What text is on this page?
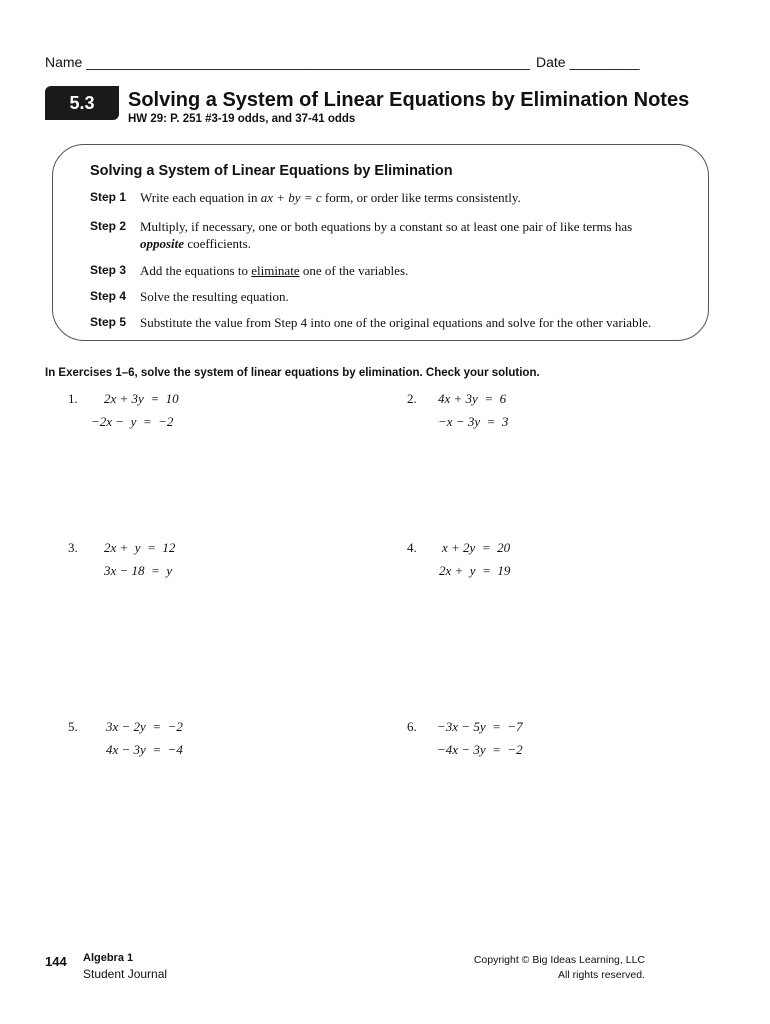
Name _________________________________________________________ Date _________
5.3	Solving a System of Linear Equations by Elimination Notes
HW 29: P. 251 #3-19 odds, and 37-41 odds
Solving a System of Linear Equations by Elimination
Step 1 Write each equation in ax + by = c form, or order like terms consistently.
Step 2 Multiply, if necessary, one or both equations by a constant so at least one pair of like terms has
opposite coefficients.
Step 3 Add the equations to eliminate one of the variables.
Step 4 Solve the resulting equation.
Step 5 Substitute the value from Step 4 into one of the original equations and solve for the other variable.
In Exercises 1–6, solve the system of linear equations by elimination. Check your solution.
1. 2x + 3y  =  10
−2x −  y  =  −2
2. 4x + 3y  =  6
−x − 3y  =  3
3. 2x +  y  =  12
3x − 18  =  y
4. x + 2y  =  20
2x +  y  =  19
5. 3x − 2y  =  −2
4x − 3y  =  −4
6. −3x − 5y  =  −7
−4x − 3y  =  −2
144 Algebra 1
Student Journal
Copyright © Big Ideas Learning, LLC
All rights reserved.
